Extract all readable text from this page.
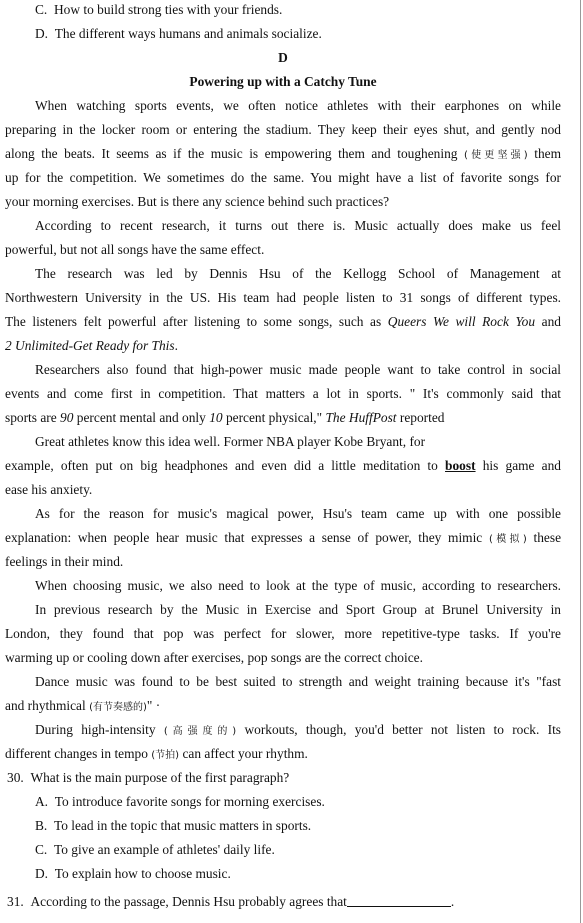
C. How to build strong ties with your friends.
D. The different ways humans and animals socialize.
D
Powering up with a Catchy Tune
When watching sports events, we often notice athletes with their earphones on while
preparing in the locker room or entering the stadium. They keep their eyes shut, and gently nod
along the beats. It seems as if the music is empowering them and toughening (使更坚强) them
up for the competition. We sometimes do the same. You might have a list of favorite songs for
your morning exercises. But is there any science behind such practices?
According to recent research, it turns out there is. Music actually does make us feel
powerful, but not all songs have the same effect.
The research was led by Dennis Hsu of the Kellogg School of Management at
Northwestern University in the US. His team had people listen to 31 songs of different types.
The listeners felt powerful after listening to some songs, such as Queers We will Rock You and
2 Unlimited-Get Ready for This.
Researchers also found that high-power music made people want to take control in social
events and come first in competition. That matters a lot in sports. " It's commonly said that
sports are 90 percent mental and only 10 percent physical," The HuffPost reported
Great athletes know this idea well. Former NBA player Kobe Bryant, for
example, often put on big headphones and even did a little meditation to boost his game and
ease his anxiety.
As for the reason for music's magical power, Hsu's team came up with one possible
explanation: when people hear music that expresses a sense of power, they mimic (模拟) these
feelings in their mind.
When choosing music, we also need to look at the type of music, according to researchers.
In previous research by the Music in Exercise and Sport Group at Brunel University in
London, they found that pop was perfect for slower, more repetitive-type tasks. If you're
warming up or cooling down after exercises, pop songs are the correct choice.
Dance music was found to be best suited to strength and weight training because it's "fast
and rhythmical (有节奏感的)" ·
During high-intensity (高强度的) workouts, though, you'd better not listen to rock. Its
different changes in tempo (节拍) can affect your rhythm.
30. What is the main purpose of the first paragraph?
A. To introduce favorite songs for morning exercises.
B. To lead in the topic that music matters in sports.
C. To give an example of athletes' daily life.
D. To explain how to choose music.
31. According to the passage, Dennis Hsu probably agrees that	.
